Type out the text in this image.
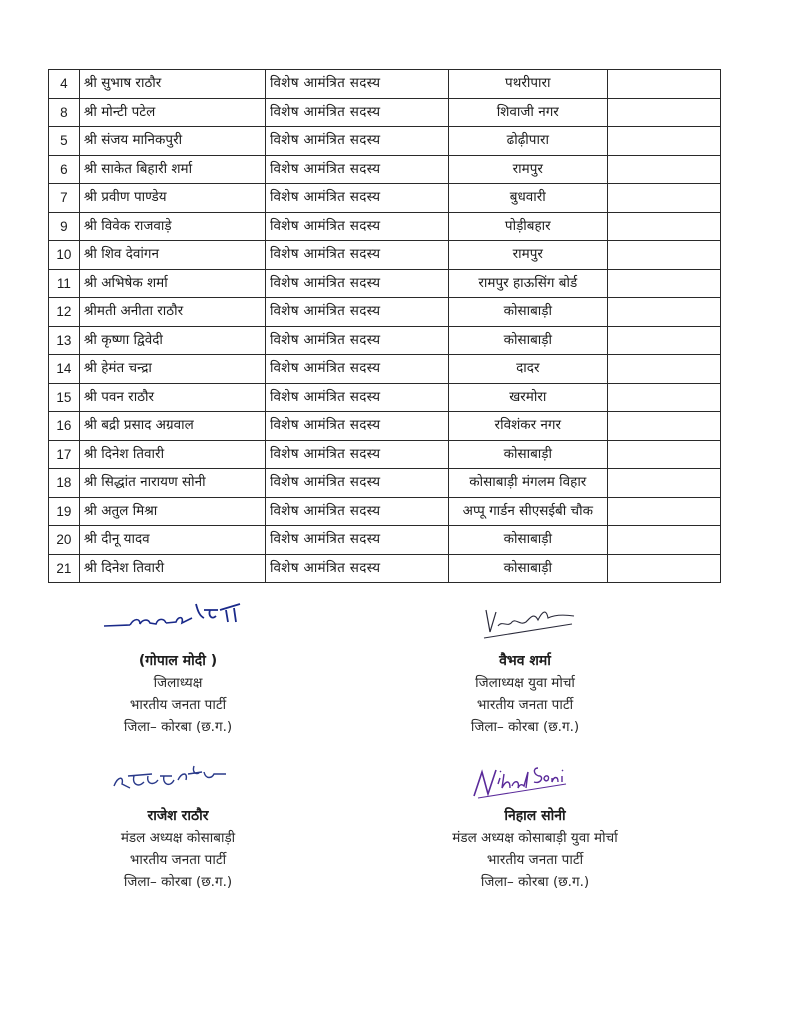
4	श्री सुभाष राठौर	विशेष आमंत्रित सदस्य	पथरीपारा	
8	श्री मोन्टी पटेल	विशेष आमंत्रित सदस्य	शिवाजी नगर	
5	श्री संजय मानिकपुरी	विशेष आमंत्रित सदस्य	ढोढ़ीपारा	
6	श्री साकेत बिहारी शर्मा	विशेष आमंत्रित सदस्य	रामपुर	
7	श्री प्रवीण पाण्डेय	विशेष आमंत्रित सदस्य	बुधवारी	
9	श्री विवेक राजवाड़े	विशेष आमंत्रित सदस्य	पोड़ीबहार	
10	श्री शिव देवांगन	विशेष आमंत्रित सदस्य	रामपुर	
11	श्री अभिषेक शर्मा	विशेष आमंत्रित सदस्य	रामपुर हाऊसिंग बोर्ड	
12	श्रीमती अनीता राठौर	विशेष आमंत्रित सदस्य	कोसाबाड़ी	
13	श्री कृष्णा द्विवेदी	विशेष आमंत्रित सदस्य	कोसाबाड़ी	
14	श्री हेमंत चन्द्रा	विशेष आमंत्रित सदस्य	दादर	
15	श्री पवन राठौर	विशेष आमंत्रित सदस्य	खरमोरा	
16	श्री बद्री प्रसाद अग्रवाल	विशेष आमंत्रित सदस्य	रविशंकर नगर	
17	श्री दिनेश तिवारी	विशेष आमंत्रित सदस्य	कोसाबाड़ी	
18	श्री सिद्धांत नारायण सोनी	विशेष आमंत्रित सदस्य	कोसाबाड़ी मंगलम विहार	
19	श्री अतुल मिश्रा	विशेष आमंत्रित सदस्य	अप्पू गार्डन सीएसईबी चौक	
20	श्री दीनू यादव	विशेष आमंत्रित सदस्य	कोसाबाड़ी	
21	श्री दिनेश तिवारी	विशेष आमंत्रित सदस्य	कोसाबाड़ी	
(गोपाल मोदी )
जिलाध्यक्ष
भारतीय जनता पार्टी
जिला– कोरबा (छ.ग.)
वैभव शर्मा
जिलाध्यक्ष युवा मोर्चा
भारतीय जनता पार्टी
जिला– कोरबा (छ.ग.)
राजेश राठौर
मंडल अध्यक्ष कोसाबाड़ी
भारतीय जनता पार्टी
जिला– कोरबा (छ.ग.)
निहाल सोनी
मंडल अध्यक्ष कोसाबाड़ी युवा मोर्चा
भारतीय जनता पार्टी
जिला– कोरबा (छ.ग.)
